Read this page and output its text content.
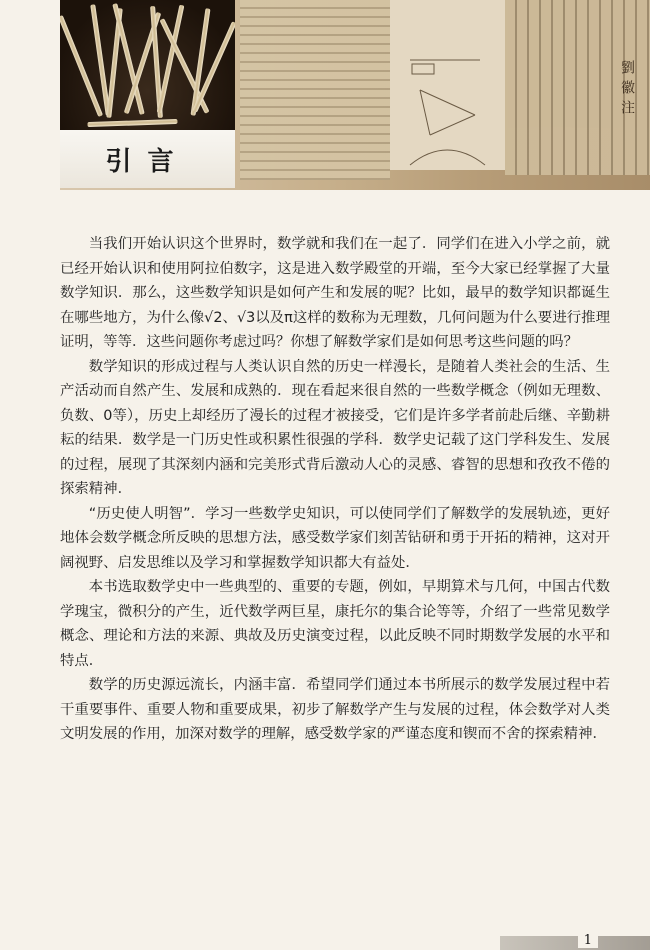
劉徽注
引言

当我们开始认识这个世界时，数学就和我们在一起了．同学们在进入小学之前，就已经开始认识和使用阿拉伯数字，这是进入数学殿堂的开端，至今大家已经掌握了大量数学知识．那么，这些数学知识是如何产生和发展的呢？比如，最早的数学知识都诞生在哪些地方，为什么像√2、√3以及π这样的数称为无理数，几何问题为什么要进行推理证明，等等．这些问题你考虑过吗？你想了解数学家们是如何思考这些问题的吗？

数学知识的形成过程与人类认识自然的历史一样漫长，是随着人类社会的生活、生产活动而自然产生、发展和成熟的．现在看起来很自然的一些数学概念（例如无理数、负数、0等），历史上却经历了漫长的过程才被接受，它们是许多学者前赴后继、辛勤耕耘的结果．数学是一门历史性或积累性很强的学科．数学史记载了这门学科发生、发展的过程，展现了其深刻内涵和完美形式背后激动人心的灵感、睿智的思想和孜孜不倦的探索精神．

“历史使人明智”．学习一些数学史知识，可以使同学们了解数学的发展轨迹，更好地体会数学概念所反映的思想方法，感受数学家们刻苦钻研和勇于开拓的精神，这对开阔视野、启发思维以及学习和掌握数学知识都大有益处．

本书选取数学史中一些典型的、重要的专题，例如，早期算术与几何，中国古代数学瑰宝，微积分的产生，近代数学两巨星，康托尔的集合论等等，介绍了一些常见数学概念、理论和方法的来源、典故及历史演变过程，以此反映不同时期数学发展的水平和特点．

数学的历史源远流长，内涵丰富．希望同学们通过本书所展示的数学发展过程中若干重要事件、重要人物和重要成果，初步了解数学产生与发展的过程，体会数学对人类文明发展的作用，加深对数学的理解，感受数学家的严谨态度和锲而不舍的探索精神．

1
